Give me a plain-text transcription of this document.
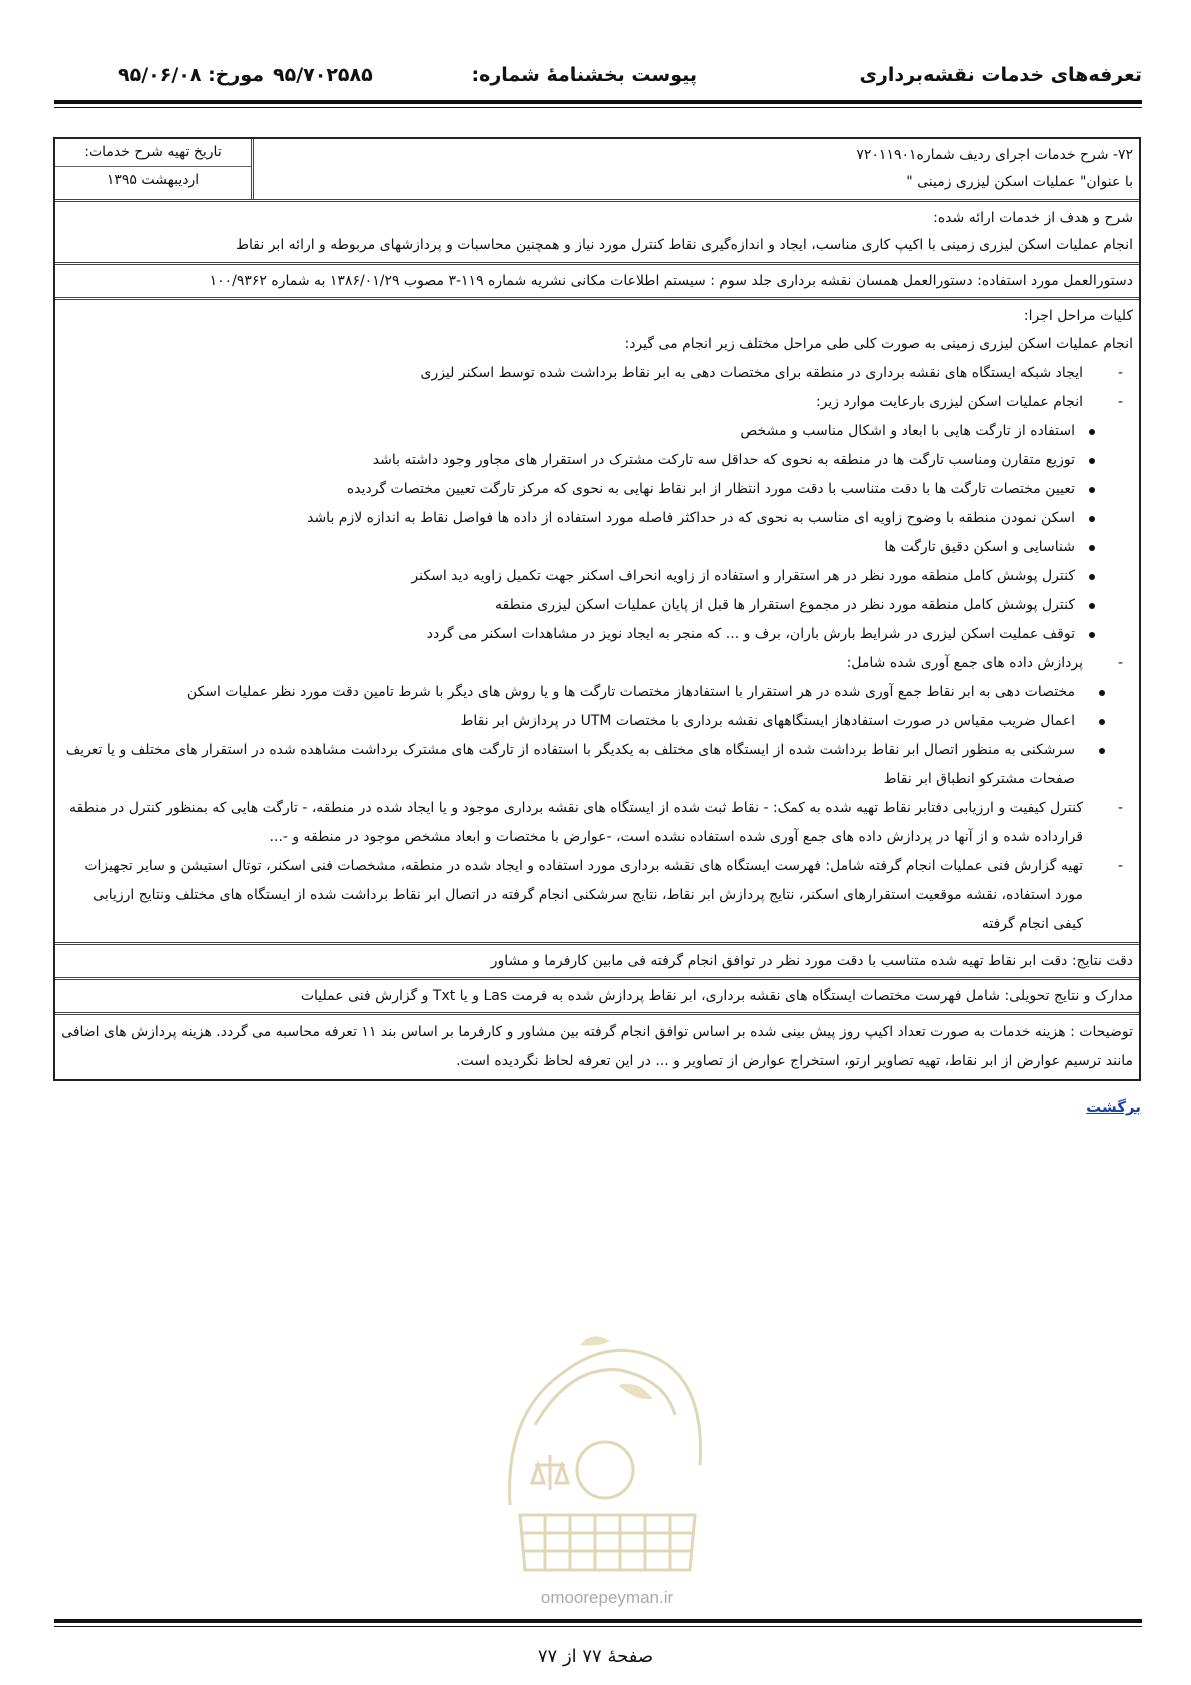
تعرفه‌های خدمات نقشه‌برداری
پیوست بخشنامۀ شماره:
۹۵/۷۰۲۵۸۵
مورخ: ۹۵/۰۶/۰۸
۷۲- شرح خدمات اجرای ردیف شماره۷۲۰۱۱۹۰۱
با عنوان" عملیات اسکن لیزری زمینی "
تاریخ تهیه شرح خدمات:
اردیبهشت ۱۳۹۵
شرح و هدف از خدمات ارائه شده:
انجام عملیات اسکن لیزری زمینی با اکیپ کاری مناسب، ایجاد و اندازه‌گیری نقاط کنترل مورد نیاز و همچنین محاسبات و پردازشهای مربوطه و ارائه ابر نقاط
دستورالعمل مورد استفاده: دستورالعمل همسان نقشه برداری جلد سوم : سیستم اطلاعات مکانی نشریه شماره ۱۱۹-۳ مصوب ۱۳۸۶/۰۱/۲۹ به شماره ۱۰۰/۹۳۶۲
کلیات مراحل اجرا:
انجام عملیات اسکن لیزری زمینی به صورت کلی طی مراحل مختلف زیر انجام می گیرد:
-
ایجاد شبکه ایستگاه های نقشه برداری در منطقه برای مختصات دهی به ابر نقاط برداشت شده توسط اسکنر لیزری
-
انجام عملیات اسکن لیزری بارعایت موارد زیر:
استفاده از تارگت هایی با ابعاد و اشکال مناسب و مشخص
توزیع متقارن ومناسب تارگت ها در منطقه به نحوی که حداقل سه تارکت مشترک در استقرار های مجاور وجود داشته باشد
تعیین مختصات تارگت ها با دقت متناسب با دقت مورد انتظار از ابر نقاط نهایی به نحوی که مرکز تارگت تعیین مختصات گردیده
اسکن نمودن منطقه با وضوح زاویه ای مناسب به نحوی که در حداکثر فاصله مورد استفاده از داده ها فواصل نقاط به اندازه لازم باشد
شناسایی و اسکن دقیق تارگت ها
کنترل پوشش کامل منطقه مورد نظر در هر استقرار و استفاده از زاویه انحراف اسکنر جهت تکمیل زاویه دید اسکنر
کنترل پوشش کامل منطقه مورد نظر در مجموع استقرار ها قبل از پایان عملیات اسکن لیزری منطقه
توقف عملیت اسکن لیزری در شرایط بارش باران، برف و ... که منجر به ایجاد نویز در مشاهدات اسکنر می گردد
-
پردازش داده های جمع آوری شده شامل:
مختصات دهی به ابر نقاط جمع آوری شده در هر استقرار با استفادهاز مختصات تارگت ها و یا روش های دیگر با شرط تامین دقت مورد نظر عملیات اسکن
اعمال ضریب مقیاس در صورت استفادهاز ایستگاههای نقشه برداری با مختصات UTM در پردازش ابر نقاط
سرشکنی به منظور اتصال ابر نقاط برداشت شده از ایستگاه های مختلف به یکدیگر با استفاده از تارگت های مشترک برداشت مشاهده شده در استقرار های مختلف و یا تعریف صفحات مشترکو انطباق ابر نقاط
-
کنترل کیفیت و ارزیابی دفتابر نقاط تهیه شده به کمک: - نقاط ثبت شده از ایستگاه های نقشه برداری موجود و یا ایجاد شده در منطقه، - تارگت هایی که بمنظور کنترل در منطقه قرارداده شده و از آنها در پردازش داده های جمع آوری شده استفاده نشده است، -عوارض با مختصات و ابعاد مشخص موجود در منطقه و -...
-
تهیه گزارش فنی عملیات انجام گرفته شامل: فهرست ایستگاه های نقشه برداری مورد استفاده و ایجاد شده در منطقه، مشخصات فنی اسکنر، توتال استیشن و سایر تجهیزات مورد استفاده، نقشه موقعیت استقرارهای اسکنر، نتایج پردازش ابر نقاط، نتایج سرشکنی انجام گرفته در اتصال ابر نقاط برداشت شده از ایستگاه های مختلف ونتایج ارزیابی کیفی انجام گرفته
دقت نتایج: دقت ابر نقاط تهیه شده متناسب با دقت مورد نظر در توافق انجام گرفته فی مابین کارفرما و مشاور
مدارک و نتایج تحویلی: شامل فهرست مختصات ایستگاه های نقشه برداری، ابر نقاط پردازش شده به فرمت Las و یا Txt و گزارش فنی عملیات
توضیحات : هزینه خدمات به صورت تعداد اکیپ روز پیش بینی شده بر اساس توافق انجام گرفته بین مشاور و کارفرما بر اساس بند ۱۱ تعرفه محاسبه می گردد. هزینه پردازش های اضافی مانند ترسیم عوارض از ابر نقاط، تهیه تصاویر ارتو، استخراج عوارض از تصاویر و ... در این تعرفه لحاظ نگردیده است.
برگشت
omoorepeyman.ir
صفحۀ ۷۷ از ۷۷
